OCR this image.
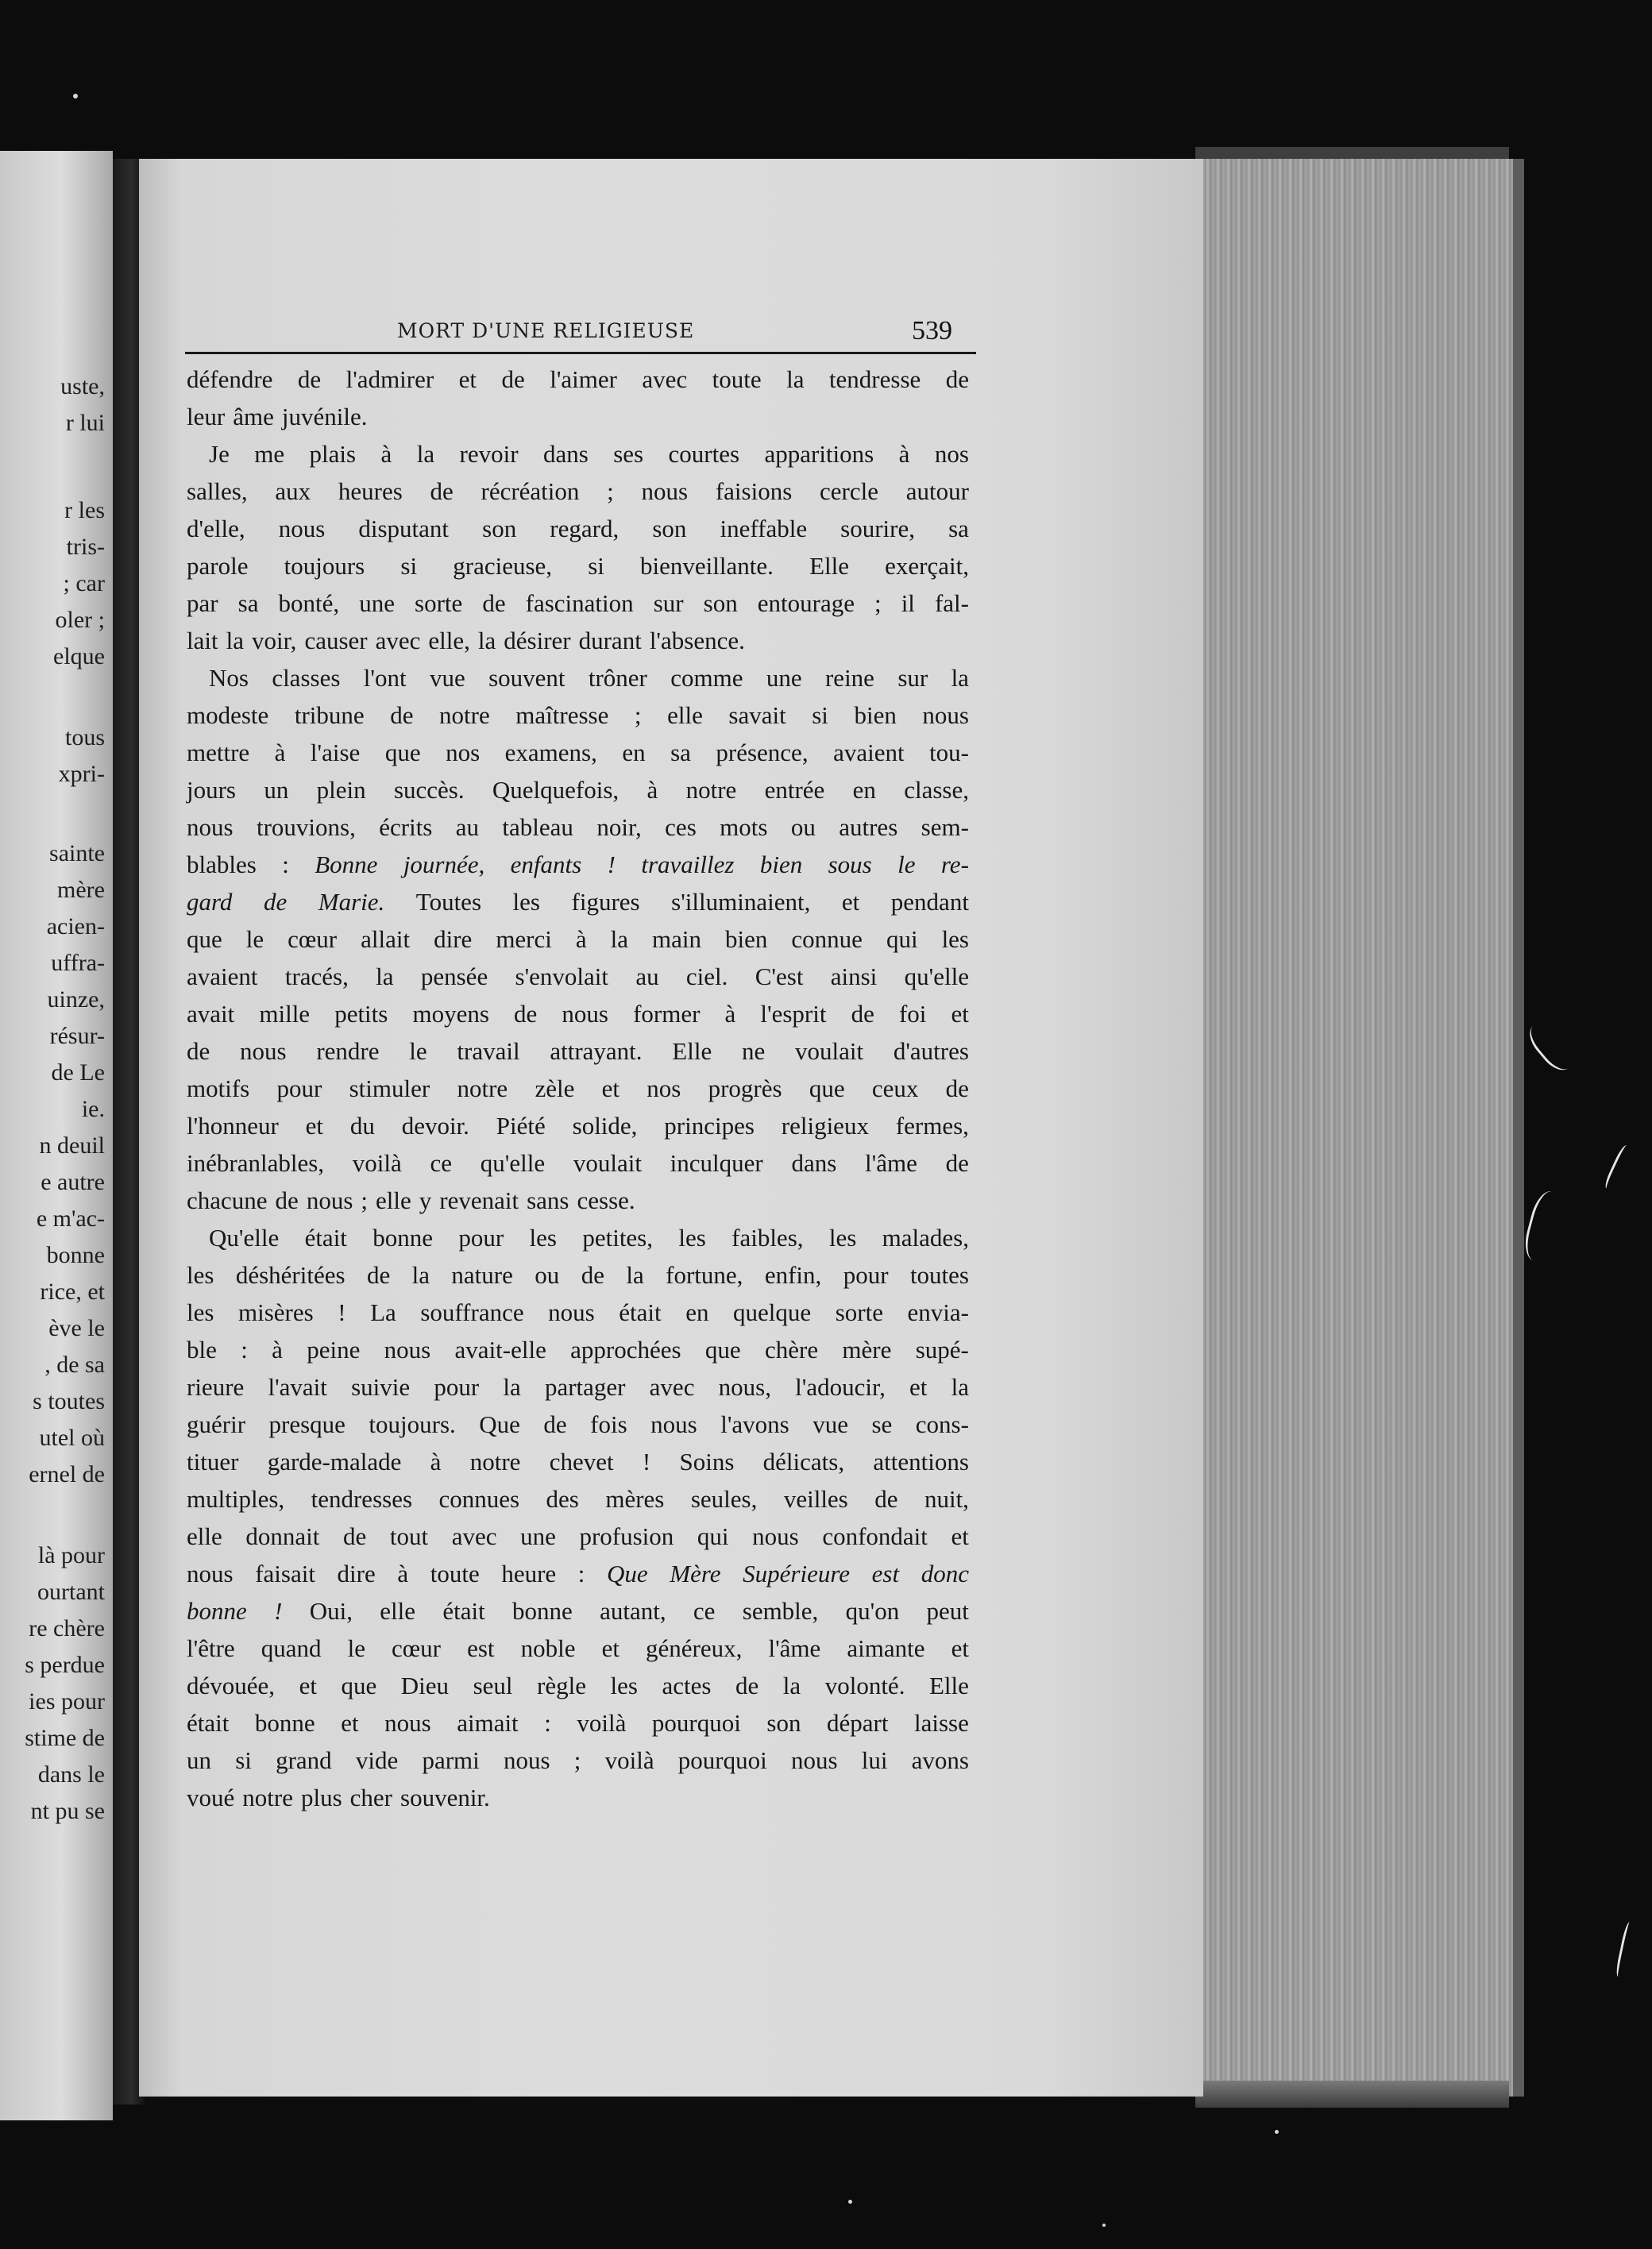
uste,
r lui
r les
tris-
; car
oler ;
elque
tous
xpri-
sainte
mère
acien-
uffra-
uinze,
résur-
de Le
ie.
n deuil
e autre
e m'ac-
bonne
rice, et
ève le
, de sa
s toutes
utel où
ernel de
là pour
ourtant
re chère
s perdue
ies pour
stime de
dans le
nt pu se
MORT D'UNE RELIGIEUSE	539
défendre de l'admirer et de l'aimer avec toute la tendresse de
leur âme juvénile.
Je me plais à la revoir dans ses courtes apparitions à nos
salles, aux heures de récréation ; nous faisions cercle autour
d'elle, nous disputant son regard, son ineffable sourire, sa
parole toujours si gracieuse, si bienveillante. Elle exerçait,
par sa bonté, une sorte de fascination sur son entourage ; il fal-
lait la voir, causer avec elle, la désirer durant l'absence.
Nos classes l'ont vue souvent trôner comme une reine sur la
modeste tribune de notre maîtresse ; elle savait si bien nous
mettre à l'aise que nos examens, en sa présence, avaient tou-
jours un plein succès. Quelquefois, à notre entrée en classe,
nous trouvions, écrits au tableau noir, ces mots ou autres sem-
blables : Bonne journée, enfants ! travaillez bien sous le re-
gard de Marie. Toutes les figures s'illuminaient, et pendant
que le cœur allait dire merci à la main bien connue qui les
avaient tracés, la pensée s'envolait au ciel. C'est ainsi qu'elle
avait mille petits moyens de nous former à l'esprit de foi et
de nous rendre le travail attrayant. Elle ne voulait d'autres
motifs pour stimuler notre zèle et nos progrès que ceux de
l'honneur et du devoir. Piété solide, principes religieux fermes,
inébranlables, voilà ce qu'elle voulait inculquer dans l'âme de
chacune de nous ; elle y revenait sans cesse.
Qu'elle était bonne pour les petites, les faibles, les malades,
les déshéritées de la nature ou de la fortune, enfin, pour toutes
les misères ! La souffrance nous était en quelque sorte envia-
ble : à peine nous avait-elle approchées que chère mère supé-
rieure l'avait suivie pour la partager avec nous, l'adoucir, et la
guérir presque toujours. Que de fois nous l'avons vue se cons-
tituer garde-malade à notre chevet ! Soins délicats, attentions
multiples, tendresses connues des mères seules, veilles de nuit,
elle donnait de tout avec une profusion qui nous confondait et
nous faisait dire à toute heure : Que Mère Supérieure est donc
bonne ! Oui, elle était bonne autant, ce semble, qu'on peut
l'être quand le cœur est noble et généreux, l'âme aimante et
dévouée, et que Dieu seul règle les actes de la volonté. Elle
était bonne et nous aimait : voilà pourquoi son départ laisse
un si grand vide parmi nous ; voilà pourquoi nous lui avons
voué notre plus cher souvenir.
